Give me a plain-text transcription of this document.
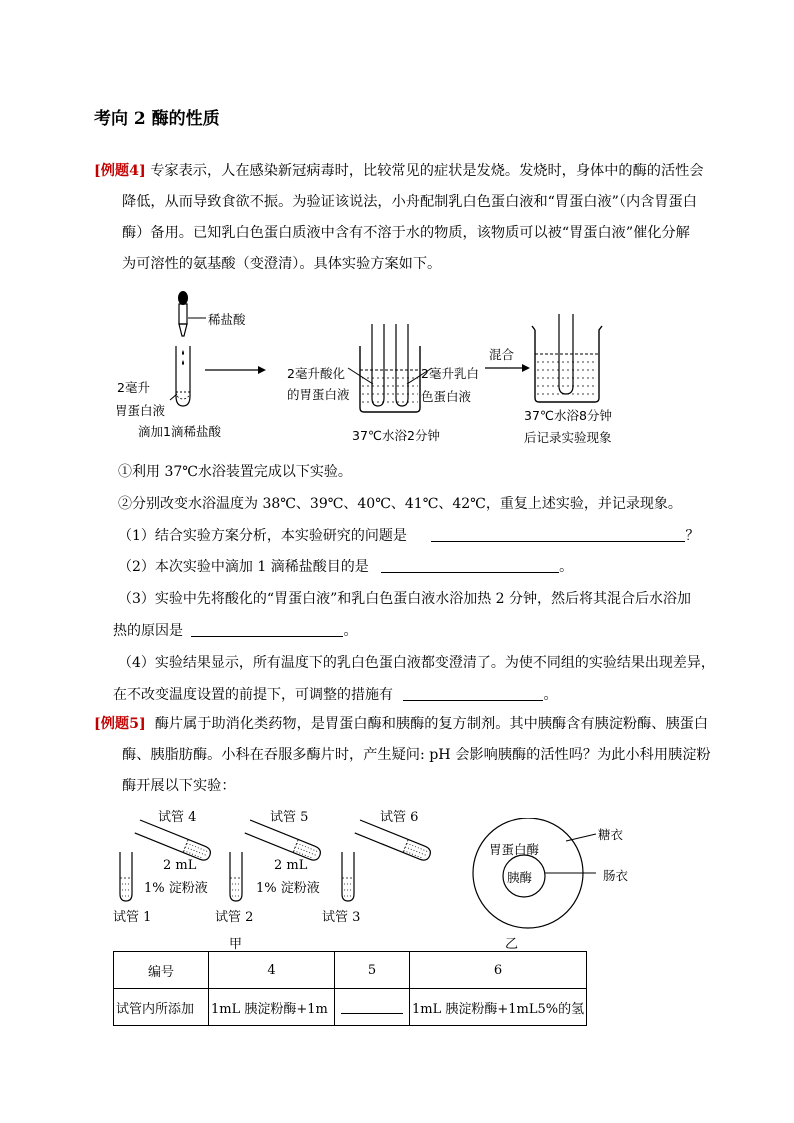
考向 2 酶的性质
[例题4] 专家表示，人在感染新冠病毒时，比较常见的症状是发烧。发烧时，身体中的酶的活性会
降低，从而导致食欲不振。为验证该说法，小舟配制乳白色蛋白液和“胃蛋白液”（内含胃蛋白
酶）备用。已知乳白色蛋白质液中含有不溶于水的物质，该物质可以被“胃蛋白液”催化分解
为可溶性的氨基酸（变澄清）。具体实验方案如下。
稀盐酸
2毫升
胃蛋白液
滴加1滴稀盐酸
2毫升酸化
的胃蛋白液
2毫升乳白
色蛋白液
37℃水浴2分钟
混合
37℃水浴8分钟
后记录实验现象
①利用 37℃水浴装置完成以下实验。
②分别改变水浴温度为 38℃、39℃、40℃、41℃、42℃，重复上述实验，并记录现象。
（1）结合实验方案分析，本实验研究的问题是	？
（2）本次实验中滴加 1 滴稀盐酸目的是	。
（3）实验中先将酸化的“胃蛋白液”和乳白色蛋白液水浴加热 2 分钟，然后将其混合后水浴加
热的原因是	。
（4）实验结果显示，所有温度下的乳白色蛋白液都变澄清了。为使不同组的实验结果出现差异，
在不改变温度设置的前提下，可调整的措施有	。
[例题5] 酶片属于助消化类药物，是胃蛋白酶和胰酶的复方制剂。其中胰酶含有胰淀粉酶、胰蛋白
酶、胰脂肪酶。小科在吞服多酶片时，产生疑问: pH 会影响胰酶的活性吗？为此小科用胰淀粉
酶开展以下实验：
试管 4	试管 5	试管 6
2 mL	2 mL
1% 淀粉液	1% 淀粉液
试管 1	试管 2	试管 3
甲
糖衣
胃蛋白酶
胰酶	肠衣
乙
编号	4	5	6
试管内所添加	1mL 胰淀粉酶+1m		1mL 胰淀粉酶+1mL5%的氢
